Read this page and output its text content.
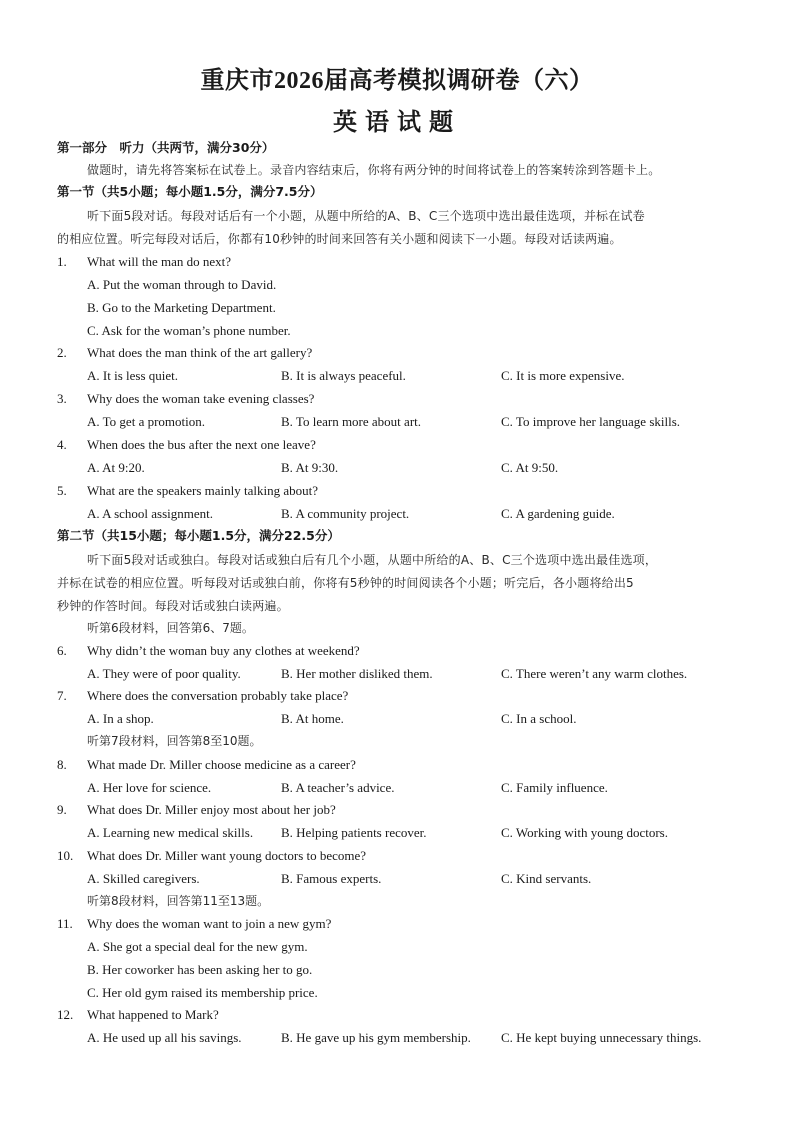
重庆市2026届高考模拟调研卷（六）
英语试题
第一部分　听力（共两节，满分30分）
做题时，请先将答案标在试卷上。录音内容结束后，你将有两分钟的时间将试卷上的答案转涂到答题卡上。
第一节（共5小题；每小题1.5分，满分7.5分）
听下面5段对话。每段对话后有一个小题，从题中所给的A、B、C三个选项中选出最佳选项，并标在试卷
的相应位置。听完每段对话后，你都有10秒钟的时间来回答有关小题和阅读下一小题。每段对话读两遍。
1. What will the man do next?
A. Put the woman through to David.
B. Go to the Marketing Department.
C. Ask for the woman’s phone number.
2. What does the man think of the art gallery?
A. It is less quiet.	B. It is always peaceful.	C. It is more expensive.
3. Why does the woman take evening classes?
A. To get a promotion.	B. To learn more about art.	C. To improve her language skills.
4. When does the bus after the next one leave?
A. At 9:20.	B. At 9:30.	C. At 9:50.
5. What are the speakers mainly talking about?
A. A school assignment.	B. A community project.	C. A gardening guide.
第二节（共15小题；每小题1.5分，满分22.5分）
听下面5段对话或独白。每段对话或独白后有几个小题，从题中所给的A、B、C三个选项中选出最佳选项，
并标在试卷的相应位置。听每段对话或独白前，你将有5秒钟的时间阅读各个小题；听完后，各小题将给出5
秒钟的作答时间。每段对话或独白读两遍。
听第6段材料，回答第6、7题。
6. Why didn’t the woman buy any clothes at weekend?
A. They were of poor quality.	B. Her mother disliked them.	C. There weren’t any warm clothes.
7. Where does the conversation probably take place?
A. In a shop.	B. At home.	C. In a school.
听第7段材料，回答第8至10题。
8. What made Dr. Miller choose medicine as a career?
A. Her love for science.	B. A teacher’s advice.	C. Family influence.
9. What does Dr. Miller enjoy most about her job?
A. Learning new medical skills. B. Helping patients recover.	C. Working with young doctors.
10. What does Dr. Miller want young doctors to become?
A. Skilled caregivers.	B. Famous experts.	C. Kind servants.
听第8段材料，回答第11至13题。
11. Why does the woman want to join a new gym?
A. She got a special deal for the new gym.
B. Her coworker has been asking her to go.
C. Her old gym raised its membership price.
12. What happened to Mark?
A. He used up all his savings.	B. He gave up his gym membership. C. He kept buying unnecessary things.
